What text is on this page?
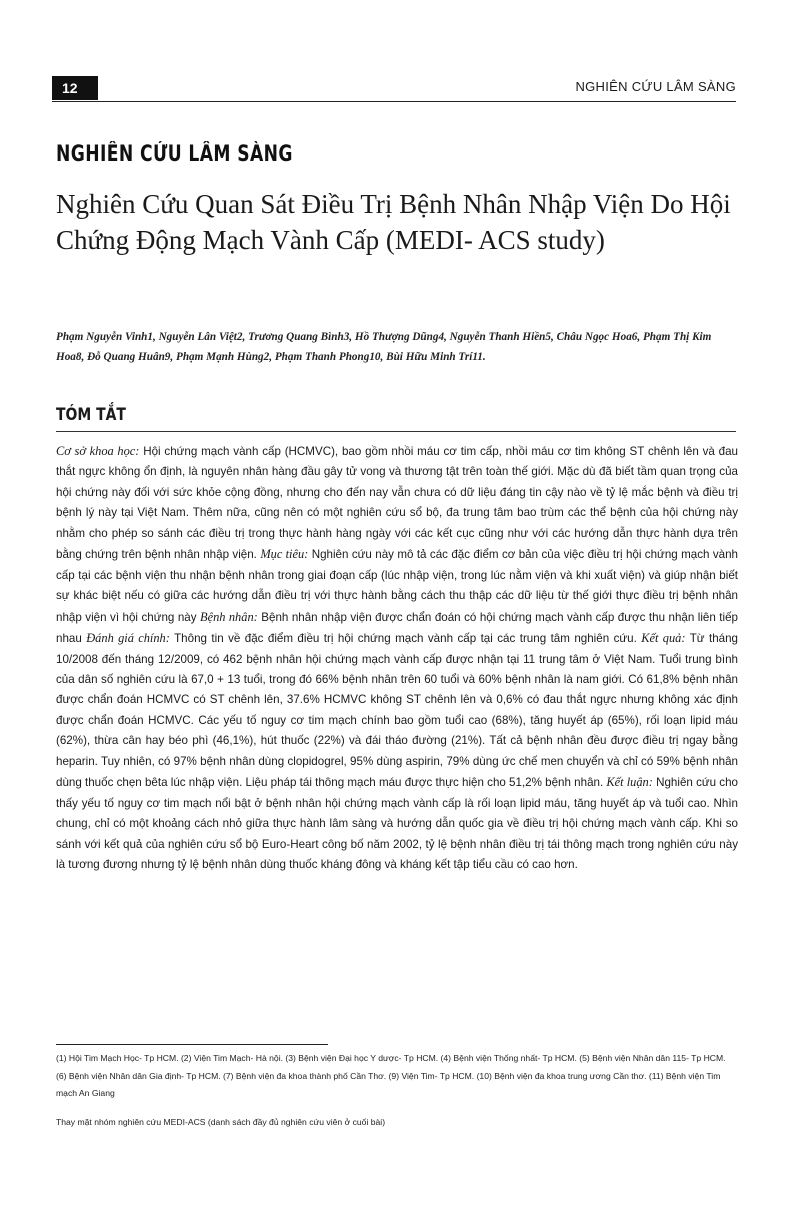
12	NGHIÊN CỨU LÂM SÀNG
NGHIÊN CỨU LÂM SÀNG
Nghiên Cứu Quan Sát Điều Trị Bệnh Nhân Nhập Viện Do Hội Chứng Động Mạch Vành Cấp (MEDI- ACS study)
Phạm Nguyễn Vinh1, Nguyễn Lân Việt2, Trương Quang Bình3, Hồ Thượng Dũng4, Nguyễn Thanh Hiền5, Châu Ngọc Hoa6, Phạm Thị Kim Hoa8, Đỗ Quang Huân9, Phạm Mạnh Hùng2, Phạm Thanh Phong10, Bùi Hữu Minh Trí11.
TÓM TẮT
Cơ sở khoa học: Hội chứng mạch vành cấp (HCMVC), bao gồm nhồi máu cơ tim cấp, nhồi máu cơ tim không ST chênh lên và đau thắt ngực không ổn định, là nguyên nhân hàng đầu gây tử vong và thương tật trên toàn thế giới. Mặc dù đã biết tầm quan trọng của hội chứng này đối với sức khỏe cộng đồng, nhưng cho đến nay vẫn chưa có dữ liệu đáng tin cậy nào về tỷ lệ mắc bệnh và điều trị bệnh lý này tại Việt Nam. Thêm nữa, cũng nên có một nghiên cứu sổ bộ, đa trung tâm bao trùm các thể bệnh của hội chứng này nhằm cho phép so sánh các điều trị trong thực hành hàng ngày với các kết cục cũng như với các hướng dẫn thực hành dựa trên bằng chứng trên bệnh nhân nhập viện. Mục tiêu: Nghiên cứu này mô tả các đặc điểm cơ bản của việc điều trị hội chứng mạch vành cấp tại các bệnh viện thu nhận bệnh nhân trong giai đoạn cấp (lúc nhập viện, trong lúc nằm viện và khi xuất viện) và giúp nhận biết sự khác biệt nếu có giữa các hướng dẫn điều trị với thực hành bằng cách thu thập các dữ liệu từ thế giới thực điều trị bệnh nhân nhập viện vì hội chứng này Bệnh nhân: Bệnh nhân nhập viện được chẩn đoán có hội chứng mạch vành cấp được thu nhận liên tiếp nhau Đánh giá chính: Thông tin về đặc điểm điều trị hội chứng mạch vành cấp tại các trung tâm nghiên cứu. Kết quả: Từ tháng 10/2008 đến tháng 12/2009, có 462 bệnh nhân hội chứng mạch vành cấp được nhận tại 11 trung tâm ở Việt Nam. Tuổi trung bình của dân số nghiên cứu là 67,0 + 13 tuổi, trong đó 66% bệnh nhân trên 60 tuổi và 60% bệnh nhân là nam giới. Có 61,8% bệnh nhân được chẩn đoán HCMVC có ST chênh lên, 37.6% HCMVC không ST chênh lên và 0,6% có đau thắt ngực nhưng không xác định được chẩn đoán HCMVC. Các yếu tố nguy cơ tim mạch chính bao gồm tuổi cao (68%), tăng huyết áp (65%), rối loạn lipid máu (62%), thừa cân hay béo phì (46,1%), hút thuốc (22%) và đái tháo đường (21%). Tất cả bệnh nhân đều được điều trị ngay bằng heparin. Tuy nhiên, có 97% bệnh nhân dùng clopidogrel, 95% dùng aspirin, 79% dùng ức chế men chuyển và chỉ có 59% bệnh nhân dùng thuốc chẹn bêta lúc nhập viện. Liệu pháp tái thông mạch máu được thực hiện cho 51,2% bệnh nhân. Kết luận: Nghiên cứu cho thấy yếu tố nguy cơ tim mạch nổi bật ở bệnh nhân hội chứng mạch vành cấp là rối loạn lipid máu, tăng huyết áp và tuổi cao. Nhìn chung, chỉ có một khoảng cách nhỏ giữa thực hành lâm sàng và hướng dẫn quốc gia về điều trị hội chứng mạch vành cấp. Khi so sánh với kết quả của nghiên cứu sổ bộ Euro-Heart công bố năm 2002, tỷ lệ bệnh nhân điều trị tái thông mạch trong nghiên cứu này là tương đương nhưng tỷ lệ bệnh nhân dùng thuốc kháng đông và kháng kết tập tiểu cầu có cao hơn.
(1) Hội Tim Mạch Học- Tp HCM. (2) Viện Tim Mạch- Hà nội. (3) Bệnh viện Đại học Y dược- Tp HCM. (4) Bệnh viện Thống nhất- Tp HCM. (5) Bệnh viện Nhân dân 115- Tp HCM. (6) Bệnh viện Nhân dân Gia định- Tp HCM. (7) Bệnh viện đa khoa thành phố Cần Thơ. (9) Viện Tim- Tp HCM. (10) Bệnh viện đa khoa trung ương Cần thơ. (11) Bệnh viện Tim mạch An Giang
Thay mặt nhóm nghiên cứu MEDI-ACS (danh sách đầy đủ nghiên cứu viên ở cuối bài)
